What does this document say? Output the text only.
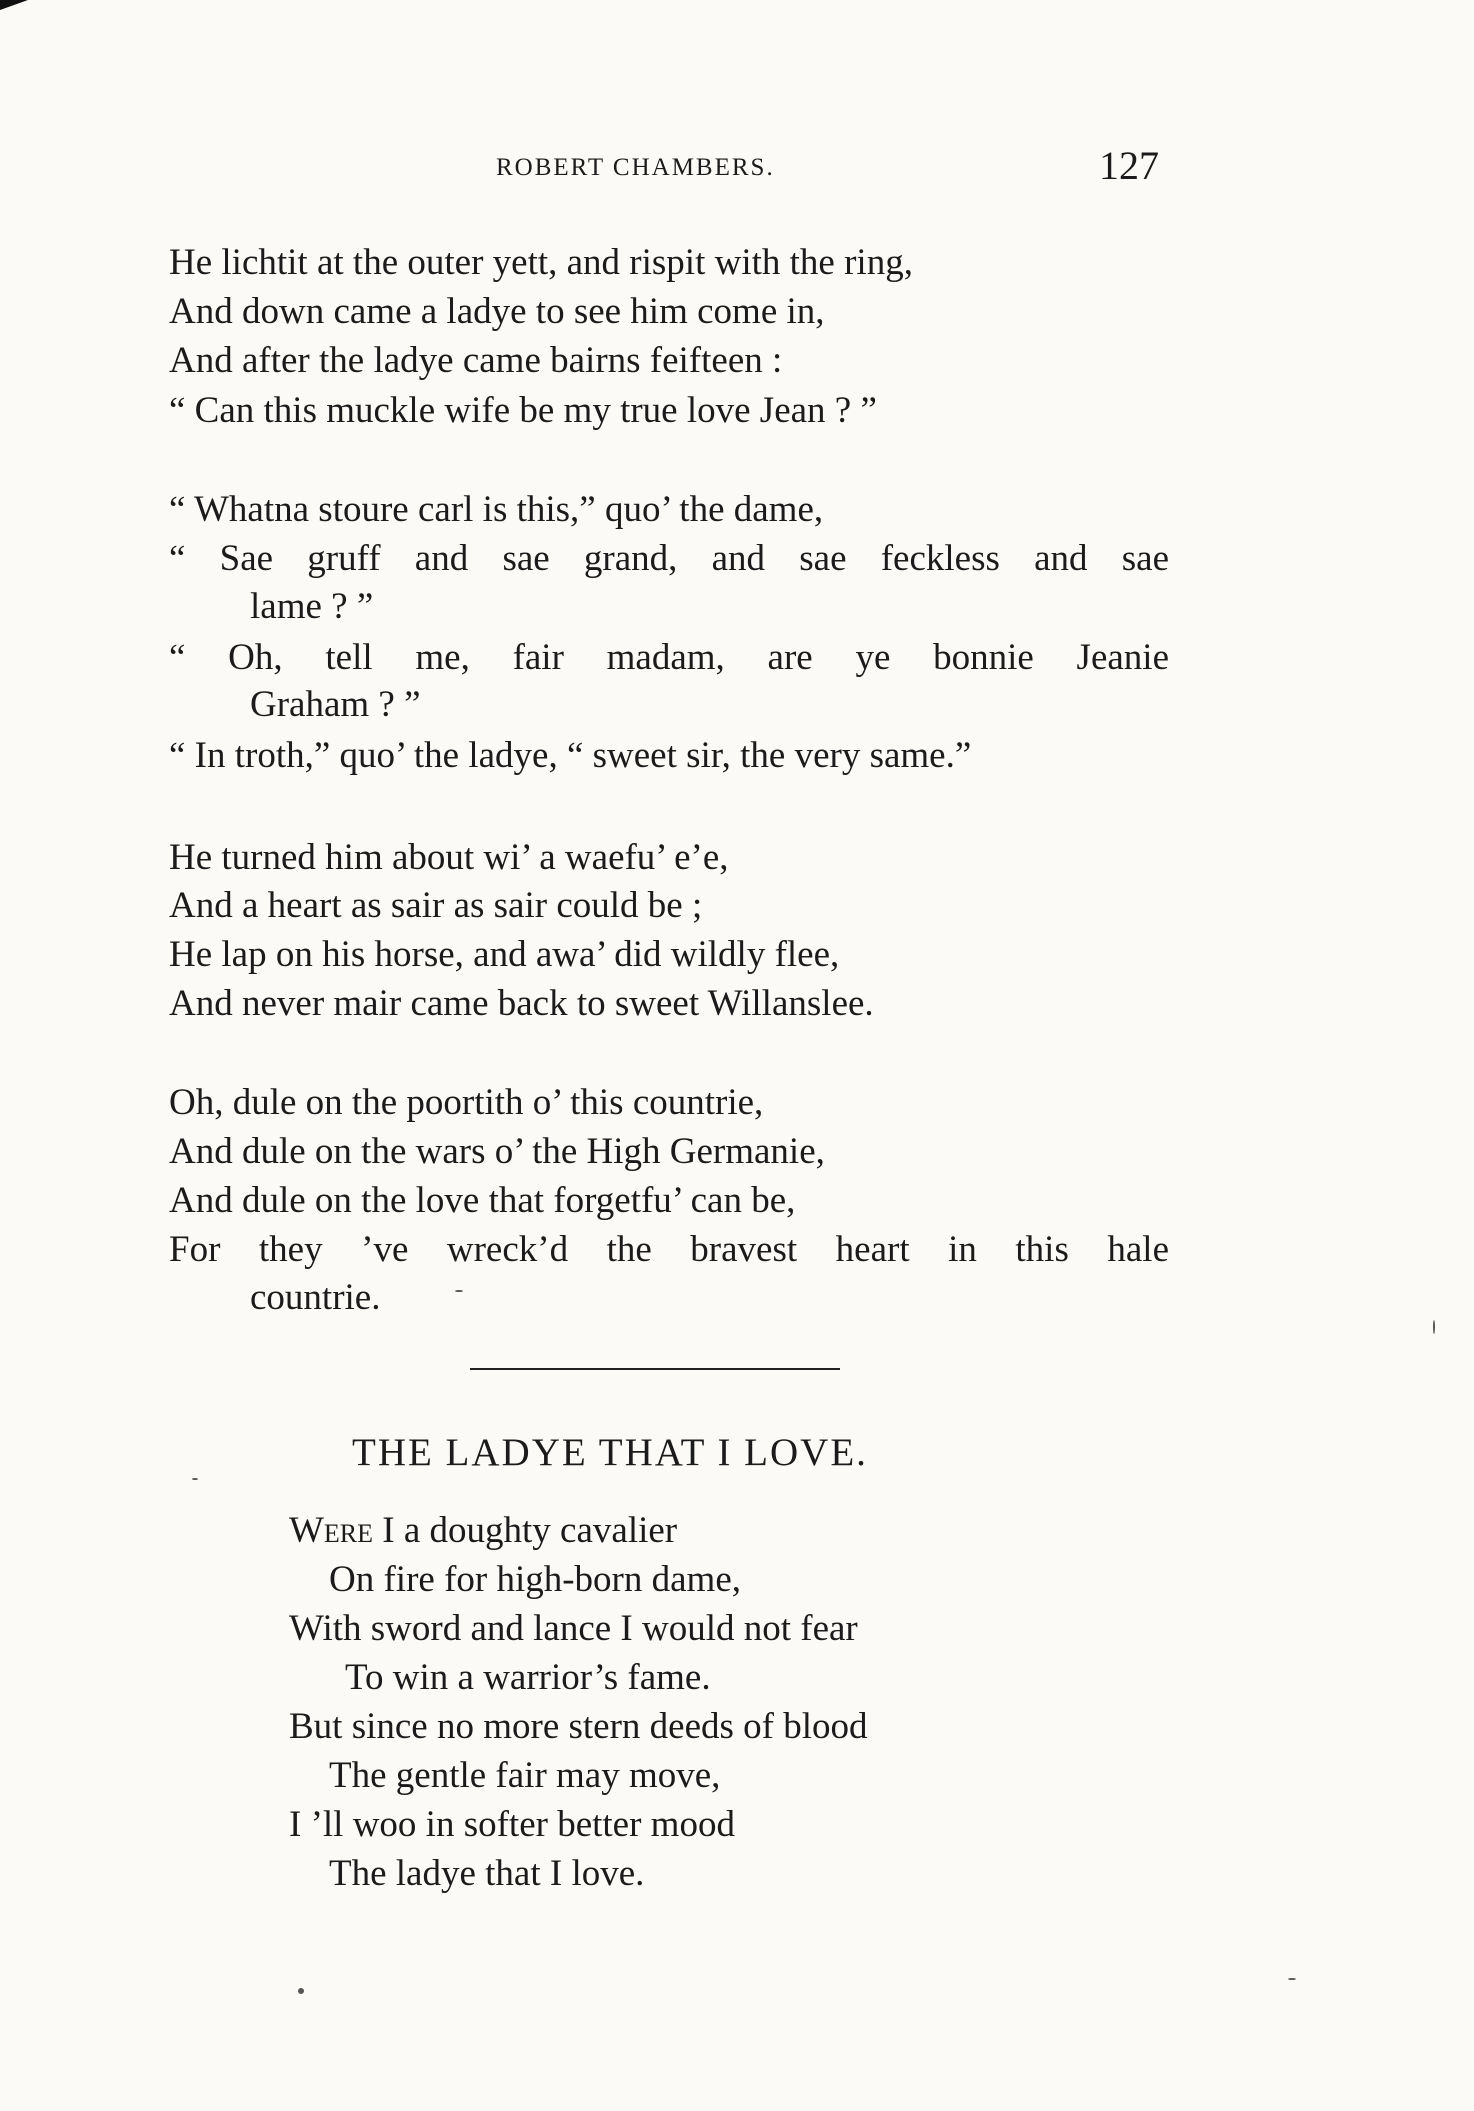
ROBERT CHAMBERS.	127
He lichtit at the outer yett, and rispit with the ring,
And down came a ladye to see him come in,
And after the ladye came bairns feifteen :
“ Can this muckle wife be my true love Jean ? ”
“ Whatna stoure carl is this,” quo’ the dame,
“ Sae gruff and sae grand, and sae feckless and sae
lame ? ”
“ Oh, tell me, fair madam, are ye bonnie Jeanie
Graham ? ”
“ In troth,” quo’ the ladye, “ sweet sir, the very same.”
He turned him about wi’ a waefu’ e’e,
And a heart as sair as sair could be ;
He lap on his horse, and awa’ did wildly flee,
And never mair came back to sweet Willanslee.
Oh, dule on the poortith o’ this countrie,
And dule on the wars o’ the High Germanie,
And dule on the love that forgetfu’ can be,
For they ’ve wreck’d the bravest heart in this hale
countrie.
THE LADYE THAT I LOVE.
Were I a doughty cavalier
On fire for high-born dame,
With sword and lance I would not fear
To win a warrior’s fame.
But since no more stern deeds of blood
The gentle fair may move,
I ’ll woo in softer better mood
The ladye that I love.
